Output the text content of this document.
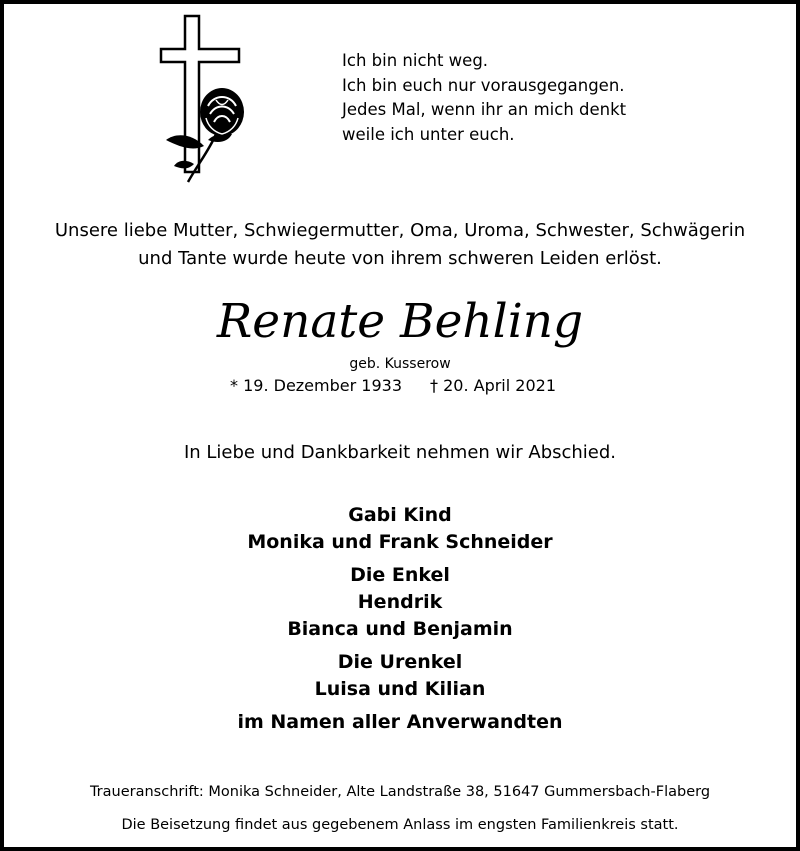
Ich bin nicht weg.
Ich bin euch nur vorausgegangen.
Jedes Mal, wenn ihr an mich denkt
weile ich unter euch.
Unsere liebe Mutter, Schwiegermutter, Oma, Uroma, Schwester, Schwägerin
und Tante wurde heute von ihrem schweren Leiden erlöst.
Renate Behling
geb. Kusserow
* 19. Dezember 1933 † 20. April 2021
In Liebe und Dankbarkeit nehmen wir Abschied.
Gabi Kind
Monika und Frank Schneider
Die Enkel
Hendrik
Bianca und Benjamin
Die Urenkel
Luisa und Kilian
im Namen aller Anverwandten
Traueranschrift: Monika Schneider, Alte Landstraße 38, 51647 Gummersbach-Flaberg
Die Beisetzung findet aus gegebenem Anlass im engsten Familienkreis statt.
